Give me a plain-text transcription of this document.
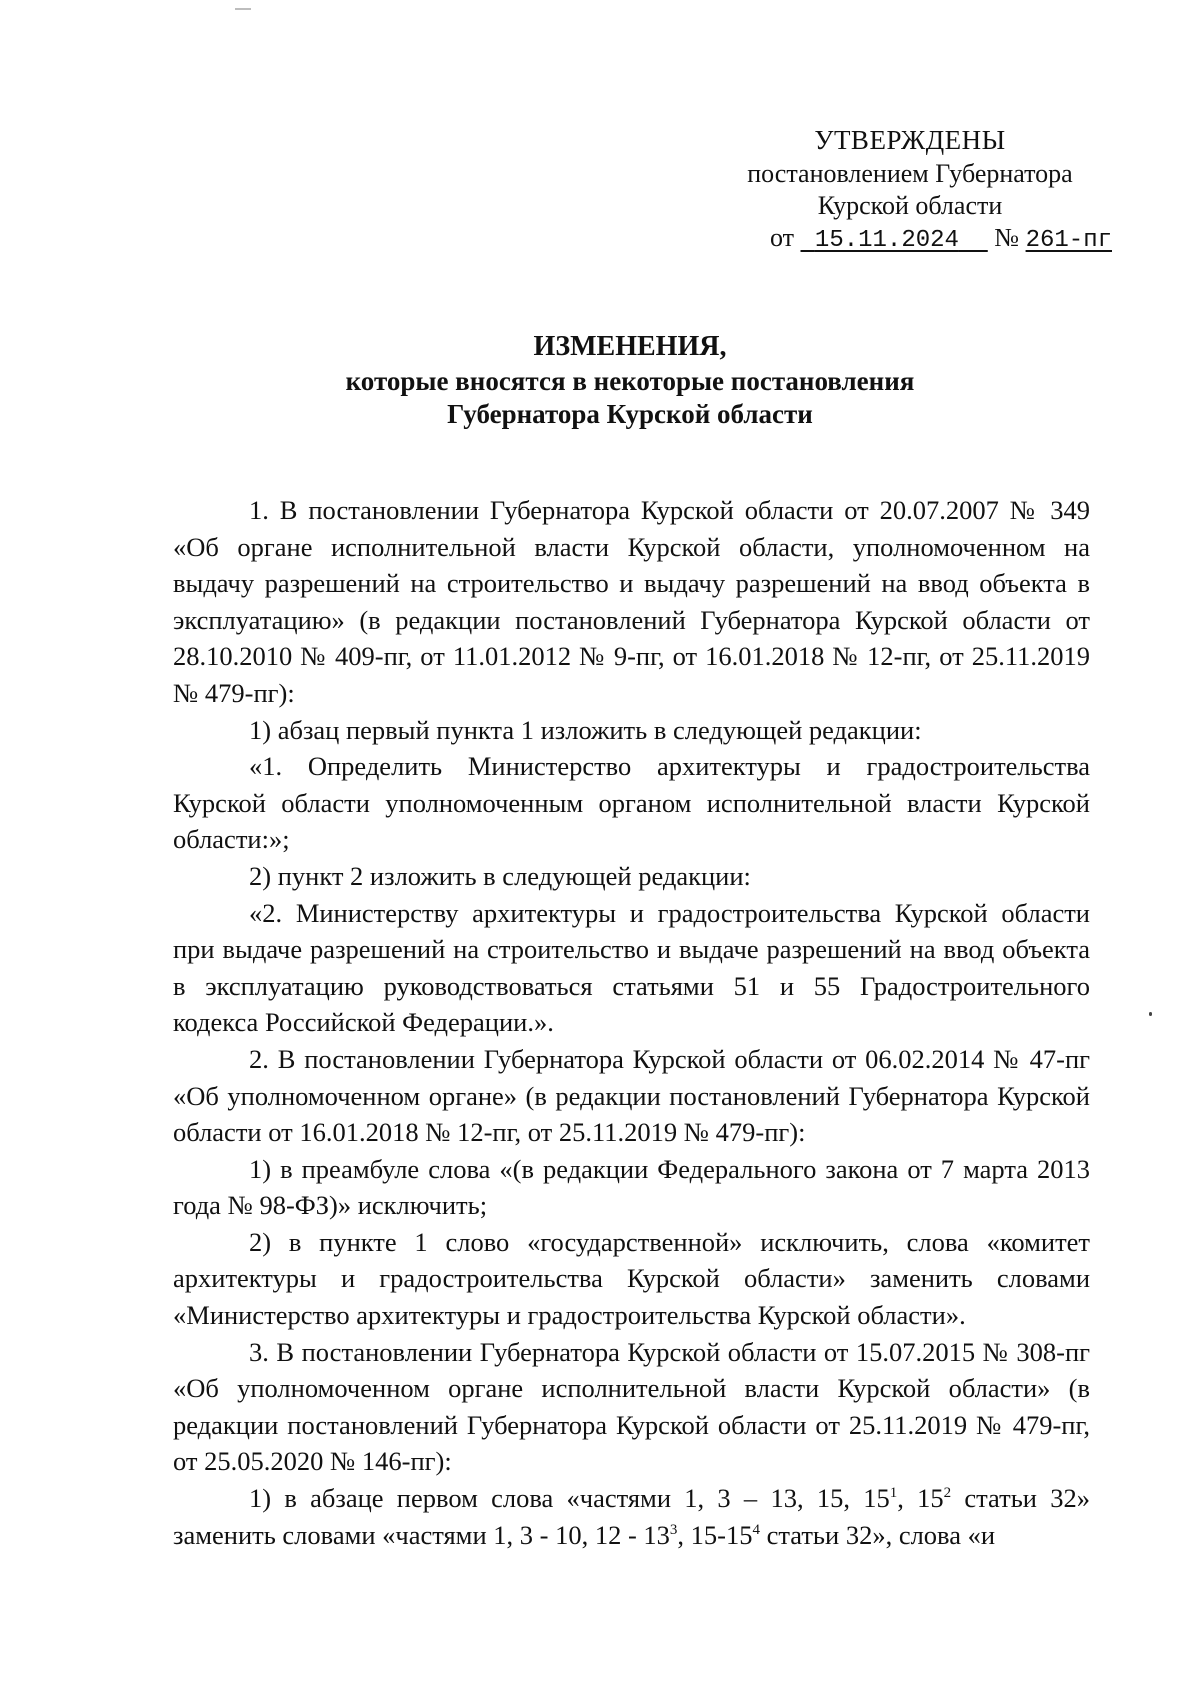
УТВЕРЖДЕНЫ
постановлением Губернатора
Курской области
от  15.11.2024 № 261-пг
ИЗМЕНЕНИЯ,
которые вносятся в некоторые постановления
Губернатора Курской области

1. В постановлении Губернатора Курской области от 20.07.2007 № 349 «Об органе исполнительной власти Курской области, уполномоченном на выдачу разрешений на строительство и выдачу разрешений на ввод объекта в эксплуатацию» (в редакции постановлений Губернатора Курской области от 28.10.2010 № 409-пг, от 11.01.2012 № 9-пг, от 16.01.2018 № 12-пг, от 25.11.2019 № 479-пг):

1) абзац первый пункта 1 изложить в следующей редакции:

«1. Определить Министерство архитектуры и градостроительства Курской области уполномоченным органом исполнительной власти Курской области:»;

2) пункт 2 изложить в следующей редакции:

«2. Министерству архитектуры и градостроительства Курской области при выдаче разрешений на строительство и выдаче разрешений на ввод объекта в эксплуатацию руководствоваться статьями 51 и 55 Градостроительного кодекса Российской Федерации.».

2. В постановлении Губернатора Курской области от 06.02.2014 № 47-пг «Об уполномоченном органе» (в редакции постановлений Губернатора Курской области от 16.01.2018 № 12-пг, от 25.11.2019 № 479-пг):

1) в преамбуле слова «(в редакции Федерального закона от 7 марта 2013 года № 98-ФЗ)» исключить;

2) в пункте 1 слово «государственной» исключить, слова «комитет архитектуры и градостроительства Курской области» заменить словами «Министерство архитектуры и градостроительства Курской области».

3. В постановлении Губернатора Курской области от 15.07.2015 № 308-пг «Об уполномоченном органе исполнительной власти Курской области» (в редакции постановлений Губернатора Курской области от 25.11.2019 № 479-пг, от 25.05.2020 № 146-пг):

1) в абзаце первом слова «частями 1, 3 – 13, 15, $15^1$, $15^2$ статьи 32» заменить словами «частями 1, 3 - 10, $12 - 13^3$, $15-15^4$ статьи 32», слова «и
